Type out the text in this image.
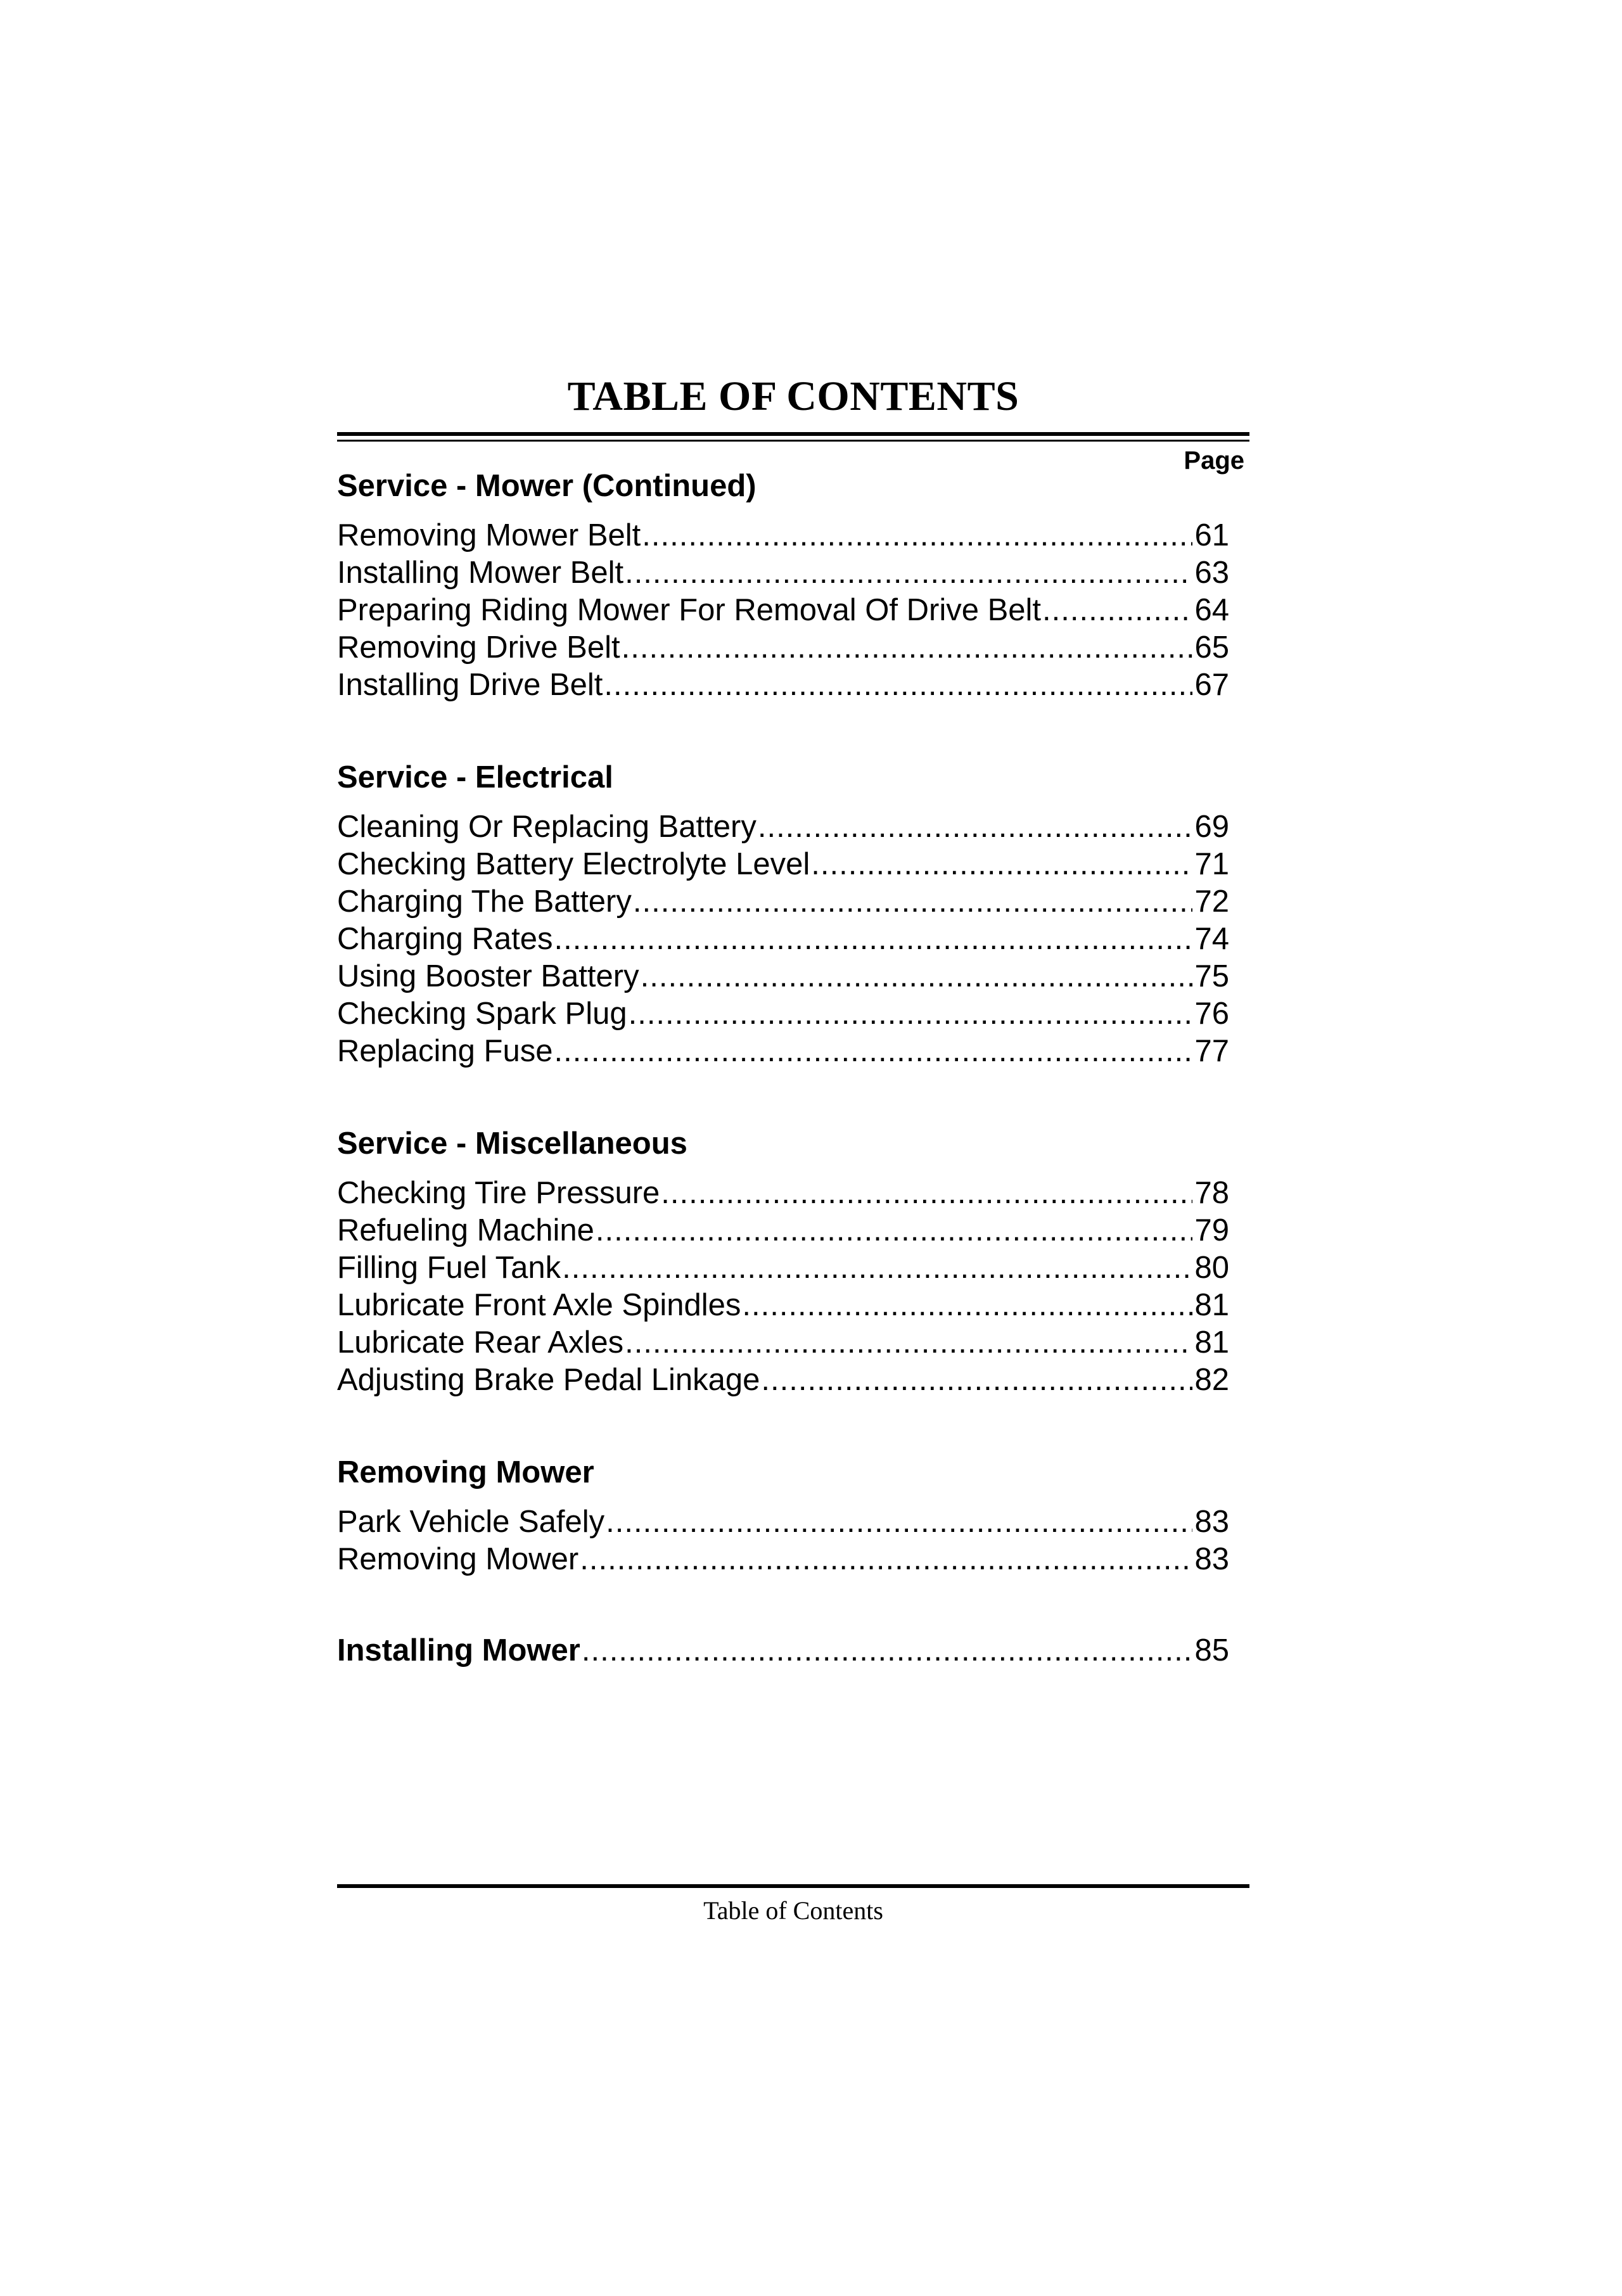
TABLE OF CONTENTS
Page
Service - Mower (Continued)
Removing Mower Belt .....	61
Installing Mower Belt .....	63
Preparing Riding Mower For Removal Of Drive Belt .....	64
Removing Drive Belt .....	65
Installing Drive Belt .....	67
Service - Electrical
Cleaning Or Replacing Battery .....	69
Checking Battery Electrolyte Level .....	71
Charging The Battery .....	72
Charging Rates .....	74
Using Booster Battery .....	75
Checking Spark Plug .....	76
Replacing Fuse .....	77
Service - Miscellaneous
Checking Tire Pressure .....	78
Refueling Machine .....	79
Filling Fuel Tank .....	80
Lubricate Front Axle Spindles .....	81
Lubricate Rear Axles .....	81
Adjusting Brake Pedal Linkage .....	82
Removing Mower
Park Vehicle Safely .....	83
Removing Mower .....	83
Installing Mower .....	85
Table of Contents
